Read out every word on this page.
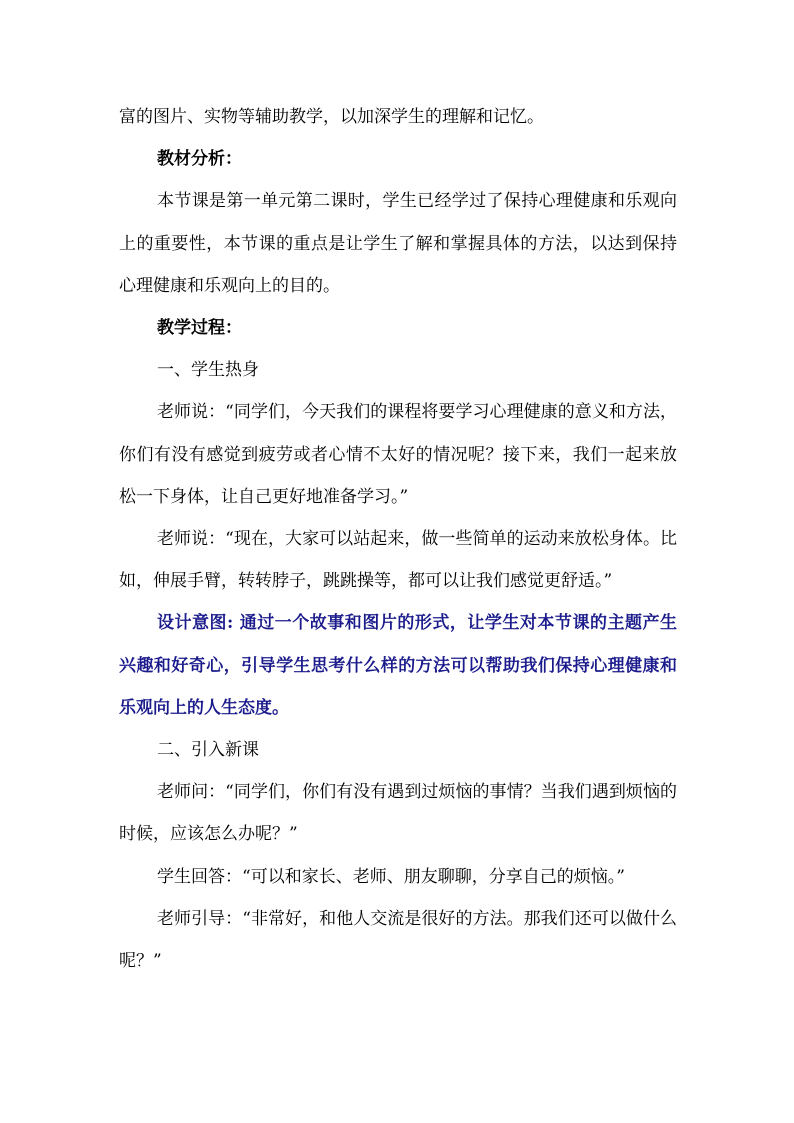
富的图片、实物等辅助教学，以加深学生的理解和记忆。

教材分析：

本节课是第一单元第二课时，学生已经学过了保持心理健康和乐观向上的重要性，本节课的重点是让学生了解和掌握具体的方法，以达到保持心理健康和乐观向上的目的。

教学过程：

一、学生热身

老师说：“同学们，今天我们的课程将要学习心理健康的意义和方法，你们有没有感觉到疲劳或者心情不太好的情况呢？接下来，我们一起来放松一下身体，让自己更好地准备学习。”

老师说：“现在，大家可以站起来，做一些简单的运动来放松身体。比如，伸展手臂，转转脖子，跳跳操等，都可以让我们感觉更舒适。”

设计意图: 通过一个故事和图片的形式，让学生对本节课的主题产生兴趣和好奇心，引导学生思考什么样的方法可以帮助我们保持心理健康和乐观向上的人生态度。

二、引入新课

老师问：“同学们，你们有没有遇到过烦恼的事情？当我们遇到烦恼的时候，应该怎么办呢？”

学生回答：“可以和家长、老师、朋友聊聊，分享自己的烦恼。”

老师引导：“非常好，和他人交流是很好的方法。那我们还可以做什么呢？”
